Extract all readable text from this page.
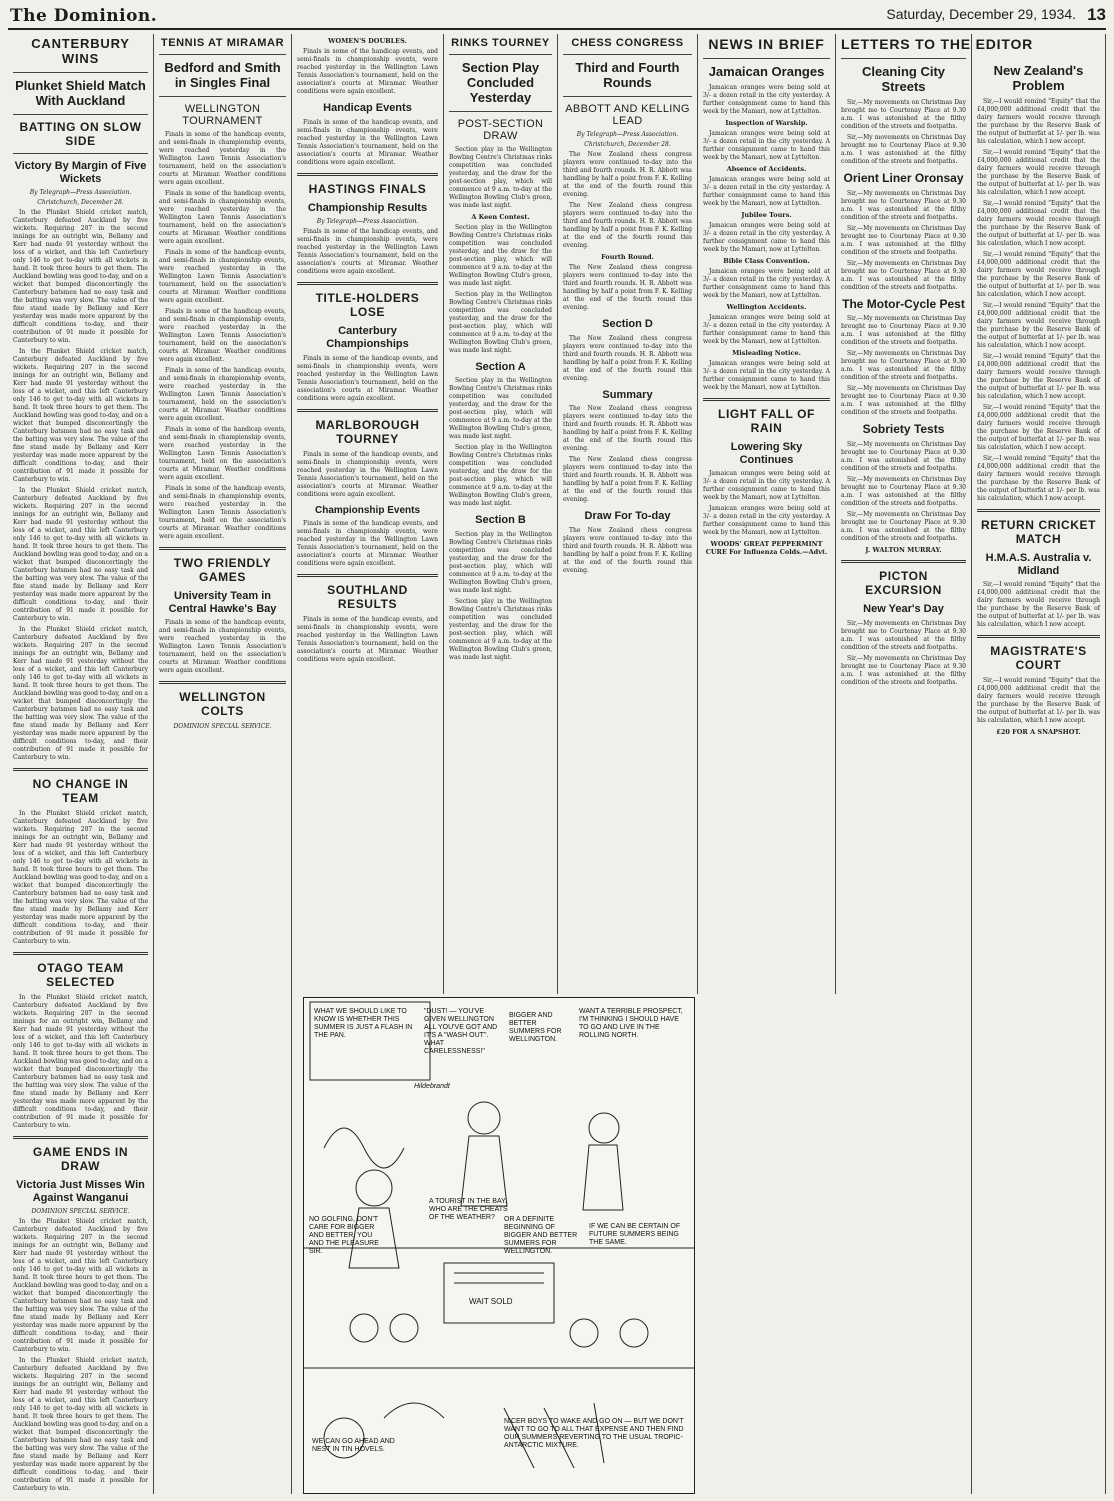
The Dominion.	Saturday, December 29, 1934. 13
CANTERBURY WINS
Plunket Shield Match With Auckland
BATTING ON SLOW SIDE
Victory By Margin of Five Wickets
By Telegraph—Press Association.
Christchurch, December 28.

In the Plunket Shield cricket match, Canterbury defeated Auckland by five wickets. Requiring 207 in the second innings for an outright win, Bellamy and Kerr had made 91 yesterday without the loss of a wicket, and this left Canterbury only 146 to get to-day with all wickets in hand. It took three hours to get them. The Auckland bowling was good to-day, and on a wicket that bumped disconcertingly the Canterbury batsmen had no easy task and the batting was very slow. The value of the fine stand made by Bellamy and Kerr yesterday was made more apparent by the difficult conditions to-day, and their contribution of 91 made it possible for Canterbury to win.

In the Plunket Shield cricket match, Canterbury defeated Auckland by five wickets. Requiring 207 in the second innings for an outright win, Bellamy and Kerr had made 91 yesterday without the loss of a wicket, and this left Canterbury only 146 to get to-day with all wickets in hand. It took three hours to get them. The Auckland bowling was good to-day, and on a wicket that bumped disconcertingly the Canterbury batsmen had no easy task and the batting was very slow. The value of the fine stand made by Bellamy and Kerr yesterday was made more apparent by the difficult conditions to-day, and their contribution of 91 made it possible for Canterbury to win.

In the Plunket Shield cricket match, Canterbury defeated Auckland by five wickets. Requiring 207 in the second innings for an outright win, Bellamy and Kerr had made 91 yesterday without the loss of a wicket, and this left Canterbury only 146 to get to-day with all wickets in hand. It took three hours to get them. The Auckland bowling was good to-day, and on a wicket that bumped disconcertingly the Canterbury batsmen had no easy task and the batting was very slow. The value of the fine stand made by Bellamy and Kerr yesterday was made more apparent by the difficult conditions to-day, and their contribution of 91 made it possible for Canterbury to win.

In the Plunket Shield cricket match, Canterbury defeated Auckland by five wickets. Requiring 207 in the second innings for an outright win, Bellamy and Kerr had made 91 yesterday without the loss of a wicket, and this left Canterbury only 146 to get to-day with all wickets in hand. It took three hours to get them. The Auckland bowling was good to-day, and on a wicket that bumped disconcertingly the Canterbury batsmen had no easy task and the batting was very slow. The value of the fine stand made by Bellamy and Kerr yesterday was made more apparent by the difficult conditions to-day, and their contribution of 91 made it possible for Canterbury to win.

NO CHANGE IN TEAM

In the Plunket Shield cricket match, Canterbury defeated Auckland by five wickets. Requiring 207 in the second innings for an outright win, Bellamy and Kerr had made 91 yesterday without the loss of a wicket, and this left Canterbury only 146 to get to-day with all wickets in hand. It took three hours to get them. The Auckland bowling was good to-day, and on a wicket that bumped disconcertingly the Canterbury batsmen had no easy task and the batting was very slow. The value of the fine stand made by Bellamy and Kerr yesterday was made more apparent by the difficult conditions to-day, and their contribution of 91 made it possible for Canterbury to win.

OTAGO TEAM SELECTED

In the Plunket Shield cricket match, Canterbury defeated Auckland by five wickets. Requiring 207 in the second innings for an outright win, Bellamy and Kerr had made 91 yesterday without the loss of a wicket, and this left Canterbury only 146 to get to-day with all wickets in hand. It took three hours to get them. The Auckland bowling was good to-day, and on a wicket that bumped disconcertingly the Canterbury batsmen had no easy task and the batting was very slow. The value of the fine stand made by Bellamy and Kerr yesterday was made more apparent by the difficult conditions to-day, and their contribution of 91 made it possible for Canterbury to win.

GAME ENDS IN DRAW
Victoria Just Misses Win Against Wanganui
DOMINION SPECIAL SERVICE.

In the Plunket Shield cricket match, Canterbury defeated Auckland by five wickets. Requiring 207 in the second innings for an outright win, Bellamy and Kerr had made 91 yesterday without the loss of a wicket, and this left Canterbury only 146 to get to-day with all wickets in hand. It took three hours to get them. The Auckland bowling was good to-day, and on a wicket that bumped disconcertingly the Canterbury batsmen had no easy task and the batting was very slow. The value of the fine stand made by Bellamy and Kerr yesterday was made more apparent by the difficult conditions to-day, and their contribution of 91 made it possible for Canterbury to win.

In the Plunket Shield cricket match, Canterbury defeated Auckland by five wickets. Requiring 207 in the second innings for an outright win, Bellamy and Kerr had made 91 yesterday without the loss of a wicket, and this left Canterbury only 146 to get to-day with all wickets in hand. It took three hours to get them. The Auckland bowling was good to-day, and on a wicket that bumped disconcertingly the Canterbury batsmen had no easy task and the batting was very slow. The value of the fine stand made by Bellamy and Kerr yesterday was made more apparent by the difficult conditions to-day, and their contribution of 91 made it possible for Canterbury to win.

TENNIS AT MIRAMAR
Bedford and Smith in Singles Final
WELLINGTON TOURNAMENT

Finals in some of the handicap events, and semi-finals in championship events, were reached yesterday in the Wellington Lawn Tennis Association's tournament, held on the association's courts at Miramar. Weather conditions were again excellent.

Finals in some of the handicap events, and semi-finals in championship events, were reached yesterday in the Wellington Lawn Tennis Association's tournament, held on the association's courts at Miramar. Weather conditions were again excellent.

Finals in some of the handicap events, and semi-finals in championship events, were reached yesterday in the Wellington Lawn Tennis Association's tournament, held on the association's courts at Miramar. Weather conditions were again excellent.

Finals in some of the handicap events, and semi-finals in championship events, were reached yesterday in the Wellington Lawn Tennis Association's tournament, held on the association's courts at Miramar. Weather conditions were again excellent.

Finals in some of the handicap events, and semi-finals in championship events, were reached yesterday in the Wellington Lawn Tennis Association's tournament, held on the association's courts at Miramar. Weather conditions were again excellent.

Finals in some of the handicap events, and semi-finals in championship events, were reached yesterday in the Wellington Lawn Tennis Association's tournament, held on the association's courts at Miramar. Weather conditions were again excellent.

Finals in some of the handicap events, and semi-finals in championship events, were reached yesterday in the Wellington Lawn Tennis Association's tournament, held on the association's courts at Miramar. Weather conditions were again excellent.

TWO FRIENDLY GAMES
University Team in Central Hawke's Bay

Finals in some of the handicap events, and semi-finals in championship events, were reached yesterday in the Wellington Lawn Tennis Association's tournament, held on the association's courts at Miramar. Weather conditions were again excellent.

WELLINGTON COLTS
DOMINION SPECIAL SERVICE.
WOMEN'S DOUBLES.

Finals in some of the handicap events, and semi-finals in championship events, were reached yesterday in the Wellington Lawn Tennis Association's tournament, held on the association's courts at Miramar. Weather conditions were again excellent.

Handicap Events

Finals in some of the handicap events, and semi-finals in championship events, were reached yesterday in the Wellington Lawn Tennis Association's tournament, held on the association's courts at Miramar. Weather conditions were again excellent.

HASTINGS FINALS
Championship Results
By Telegraph—Press Association.

Finals in some of the handicap events, and semi-finals in championship events, were reached yesterday in the Wellington Lawn Tennis Association's tournament, held on the association's courts at Miramar. Weather conditions were again excellent.

TITLE-HOLDERS LOSE
Canterbury Championships

Finals in some of the handicap events, and semi-finals in championship events, were reached yesterday in the Wellington Lawn Tennis Association's tournament, held on the association's courts at Miramar. Weather conditions were again excellent.

MARLBOROUGH TOURNEY

Finals in some of the handicap events, and semi-finals in championship events, were reached yesterday in the Wellington Lawn Tennis Association's tournament, held on the association's courts at Miramar. Weather conditions were again excellent.

Championship Events

Finals in some of the handicap events, and semi-finals in championship events, were reached yesterday in the Wellington Lawn Tennis Association's tournament, held on the association's courts at Miramar. Weather conditions were again excellent.

SOUTHLAND RESULTS

Finals in some of the handicap events, and semi-finals in championship events, were reached yesterday in the Wellington Lawn Tennis Association's tournament, held on the association's courts at Miramar. Weather conditions were again excellent.

RINKS TOURNEY
Section Play Concluded Yesterday
POST-SECTION DRAW

Section play in the Wellington Bowling Centre's Christmas rinks competition was concluded yesterday, and the draw for the post-section play, which will commence at 9 a.m. to-day at the Wellington Bowling Club's green, was made last night.

A Keen Contest.

Section play in the Wellington Bowling Centre's Christmas rinks competition was concluded yesterday, and the draw for the post-section play, which will commence at 9 a.m. to-day at the Wellington Bowling Club's green, was made last night.

Section play in the Wellington Bowling Centre's Christmas rinks competition was concluded yesterday, and the draw for the post-section play, which will commence at 9 a.m. to-day at the Wellington Bowling Club's green, was made last night.

Section A

Section play in the Wellington Bowling Centre's Christmas rinks competition was concluded yesterday, and the draw for the post-section play, which will commence at 9 a.m. to-day at the Wellington Bowling Club's green, was made last night.

Section play in the Wellington Bowling Centre's Christmas rinks competition was concluded yesterday, and the draw for the post-section play, which will commence at 9 a.m. to-day at the Wellington Bowling Club's green, was made last night.

Section B

Section play in the Wellington Bowling Centre's Christmas rinks competition was concluded yesterday, and the draw for the post-section play, which will commence at 9 a.m. to-day at the Wellington Bowling Club's green, was made last night.

Section play in the Wellington Bowling Centre's Christmas rinks competition was concluded yesterday, and the draw for the post-section play, which will commence at 9 a.m. to-day at the Wellington Bowling Club's green, was made last night.

CHESS CONGRESS
Third and Fourth Rounds
ABBOTT AND KELLING LEAD
By Telegraph—Press Association.
Christchurch, December 28.

The New Zealand chess congress players were continued to-day into the third and fourth rounds. H. R. Abbott was handling by half a point from F. K. Kelling at the end of the fourth round this evening.

The New Zealand chess congress players were continued to-day into the third and fourth rounds. H. R. Abbott was handling by half a point from F. K. Kelling at the end of the fourth round this evening.

Fourth Round.

The New Zealand chess congress players were continued to-day into the third and fourth rounds. H. R. Abbott was handling by half a point from F. K. Kelling at the end of the fourth round this evening.

Section D

The New Zealand chess congress players were continued to-day into the third and fourth rounds. H. R. Abbott was handling by half a point from F. K. Kelling at the end of the fourth round this evening.

Summary

The New Zealand chess congress players were continued to-day into the third and fourth rounds. H. R. Abbott was handling by half a point from F. K. Kelling at the end of the fourth round this evening.

The New Zealand chess congress players were continued to-day into the third and fourth rounds. H. R. Abbott was handling by half a point from F. K. Kelling at the end of the fourth round this evening.

Draw For To-day

The New Zealand chess congress players were continued to-day into the third and fourth rounds. H. R. Abbott was handling by half a point from F. K. Kelling at the end of the fourth round this evening.

NEWS IN BRIEF
Jamaican Oranges

Jamaican oranges were being sold at 3/- a dozen retail in the city yesterday. A further consignment came to hand this week by the Mamari, now at Lyttelton.

Inspection of Warship.

Jamaican oranges were being sold at 3/- a dozen retail in the city yesterday. A further consignment came to hand this week by the Mamari, now at Lyttelton.

Absence of Accidents.

Jamaican oranges were being sold at 3/- a dozen retail in the city yesterday. A further consignment came to hand this week by the Mamari, now at Lyttelton.

Jubilee Tours.

Jamaican oranges were being sold at 3/- a dozen retail in the city yesterday. A further consignment came to hand this week by the Mamari, now at Lyttelton.

Bible Class Convention.

Jamaican oranges were being sold at 3/- a dozen retail in the city yesterday. A further consignment came to hand this week by the Mamari, now at Lyttelton.

Wellington Accidents.

Jamaican oranges were being sold at 3/- a dozen retail in the city yesterday. A further consignment came to hand this week by the Mamari, now at Lyttelton.

Misleading Notice.

Jamaican oranges were being sold at 3/- a dozen retail in the city yesterday. A further consignment came to hand this week by the Mamari, now at Lyttelton.

LIGHT FALL OF RAIN
Lowering Sky Continues

Jamaican oranges were being sold at 3/- a dozen retail in the city yesterday. A further consignment came to hand this week by the Mamari, now at Lyttelton.

Jamaican oranges were being sold at 3/- a dozen retail in the city yesterday. A further consignment came to hand this week by the Mamari, now at Lyttelton.

WOODS' GREAT PEPPERMINT CURE For Influenza Colds.—Advt.
LETTERS TO THE EDITOR
Cleaning City Streets

Sir,—My movements on Christmas Day brought me to Courtenay Place at 9.30 a.m. I was astonished at the filthy condition of the streets and footpaths.

Sir,—My movements on Christmas Day brought me to Courtenay Place at 9.30 a.m. I was astonished at the filthy condition of the streets and footpaths.

Orient Liner Oronsay

Sir,—My movements on Christmas Day brought me to Courtenay Place at 9.30 a.m. I was astonished at the filthy condition of the streets and footpaths.

Sir,—My movements on Christmas Day brought me to Courtenay Place at 9.30 a.m. I was astonished at the filthy condition of the streets and footpaths.

Sir,—My movements on Christmas Day brought me to Courtenay Place at 9.30 a.m. I was astonished at the filthy condition of the streets and footpaths.

The Motor-Cycle Pest

Sir,—My movements on Christmas Day brought me to Courtenay Place at 9.30 a.m. I was astonished at the filthy condition of the streets and footpaths.

Sir,—My movements on Christmas Day brought me to Courtenay Place at 9.30 a.m. I was astonished at the filthy condition of the streets and footpaths.

Sir,—My movements on Christmas Day brought me to Courtenay Place at 9.30 a.m. I was astonished at the filthy condition of the streets and footpaths.

Sobriety Tests

Sir,—My movements on Christmas Day brought me to Courtenay Place at 9.30 a.m. I was astonished at the filthy condition of the streets and footpaths.

Sir,—My movements on Christmas Day brought me to Courtenay Place at 9.30 a.m. I was astonished at the filthy condition of the streets and footpaths.

Sir,—My movements on Christmas Day brought me to Courtenay Place at 9.30 a.m. I was astonished at the filthy condition of the streets and footpaths.

J. WALTON MURRAY.
PICTON EXCURSION
New Year's Day

Sir,—My movements on Christmas Day brought me to Courtenay Place at 9.30 a.m. I was astonished at the filthy condition of the streets and footpaths.

Sir,—My movements on Christmas Day brought me to Courtenay Place at 9.30 a.m. I was astonished at the filthy condition of the streets and footpaths.

New Zealand's Problem

Sir,—I would remind "Equity" that the £4,000,000 additional credit that the dairy farmers would receive through the purchase by the Reserve Bank of the output of butterfat at 1/- per lb. was his calculation, which I now accept.

Sir,—I would remind "Equity" that the £4,000,000 additional credit that the dairy farmers would receive through the purchase by the Reserve Bank of the output of butterfat at 1/- per lb. was his calculation, which I now accept.

Sir,—I would remind "Equity" that the £4,000,000 additional credit that the dairy farmers would receive through the purchase by the Reserve Bank of the output of butterfat at 1/- per lb. was his calculation, which I now accept.

Sir,—I would remind "Equity" that the £4,000,000 additional credit that the dairy farmers would receive through the purchase by the Reserve Bank of the output of butterfat at 1/- per lb. was his calculation, which I now accept.

Sir,—I would remind "Equity" that the £4,000,000 additional credit that the dairy farmers would receive through the purchase by the Reserve Bank of the output of butterfat at 1/- per lb. was his calculation, which I now accept.

Sir,—I would remind "Equity" that the £4,000,000 additional credit that the dairy farmers would receive through the purchase by the Reserve Bank of the output of butterfat at 1/- per lb. was his calculation, which I now accept.

Sir,—I would remind "Equity" that the £4,000,000 additional credit that the dairy farmers would receive through the purchase by the Reserve Bank of the output of butterfat at 1/- per lb. was his calculation, which I now accept.

Sir,—I would remind "Equity" that the £4,000,000 additional credit that the dairy farmers would receive through the purchase by the Reserve Bank of the output of butterfat at 1/- per lb. was his calculation, which I now accept.

RETURN CRICKET MATCH
H.M.A.S. Australia v. Midland

Sir,—I would remind "Equity" that the £4,000,000 additional credit that the dairy farmers would receive through the purchase by the Reserve Bank of the output of butterfat at 1/- per lb. was his calculation, which I now accept.

MAGISTRATE'S COURT

Sir,—I would remind "Equity" that the £4,000,000 additional credit that the dairy farmers would receive through the purchase by the Reserve Bank of the output of butterfat at 1/- per lb. was his calculation, which I now accept.

£20 FOR A SNAPSHOT.
WHAT WE SHOULD LIKE TO KNOW IS WHETHER THIS SUMMER IS JUST A FLASH IN THE PAN.
"DUST! — YOU'VE GIVEN WELLINGTON ALL YOU'VE GOT AND IT'S A "WASH OUT". WHAT CARELESSNESS!"
BIGGER AND BETTER SUMMERS FOR WELLINGTON.
WANT A TERRIBLE PROSPECT, I'M THINKING I SHOULD HAVE TO GO AND LIVE IN THE ROLLING NORTH.
A TOURIST IN THE BAY. WHO ARE THE CHEATS OF THE WEATHER?
IF WE CAN BE CERTAIN OF FUTURE SUMMERS BEING THE SAME.
NO GOLFING, DON'T CARE FOR BIGGER AND BETTER, YOU AND THE PLEASURE SIR.
OR A DEFINITE BEGINNING OF BIGGER AND BETTER SUMMERS FOR WELLINGTON.
WAIT SOLD
WE CAN GO AHEAD AND NEST IN TIN HOVELS.
NICER BOYS TO WAKE AND GO ON — BUT WE DON'T WANT TO GO TO ALL THAT EXPENSE AND THEN FIND OUR SUMMERS REVERTING TO THE USUAL TROPIC-ANTARCTIC MIXTURE.
Hildebrandt
